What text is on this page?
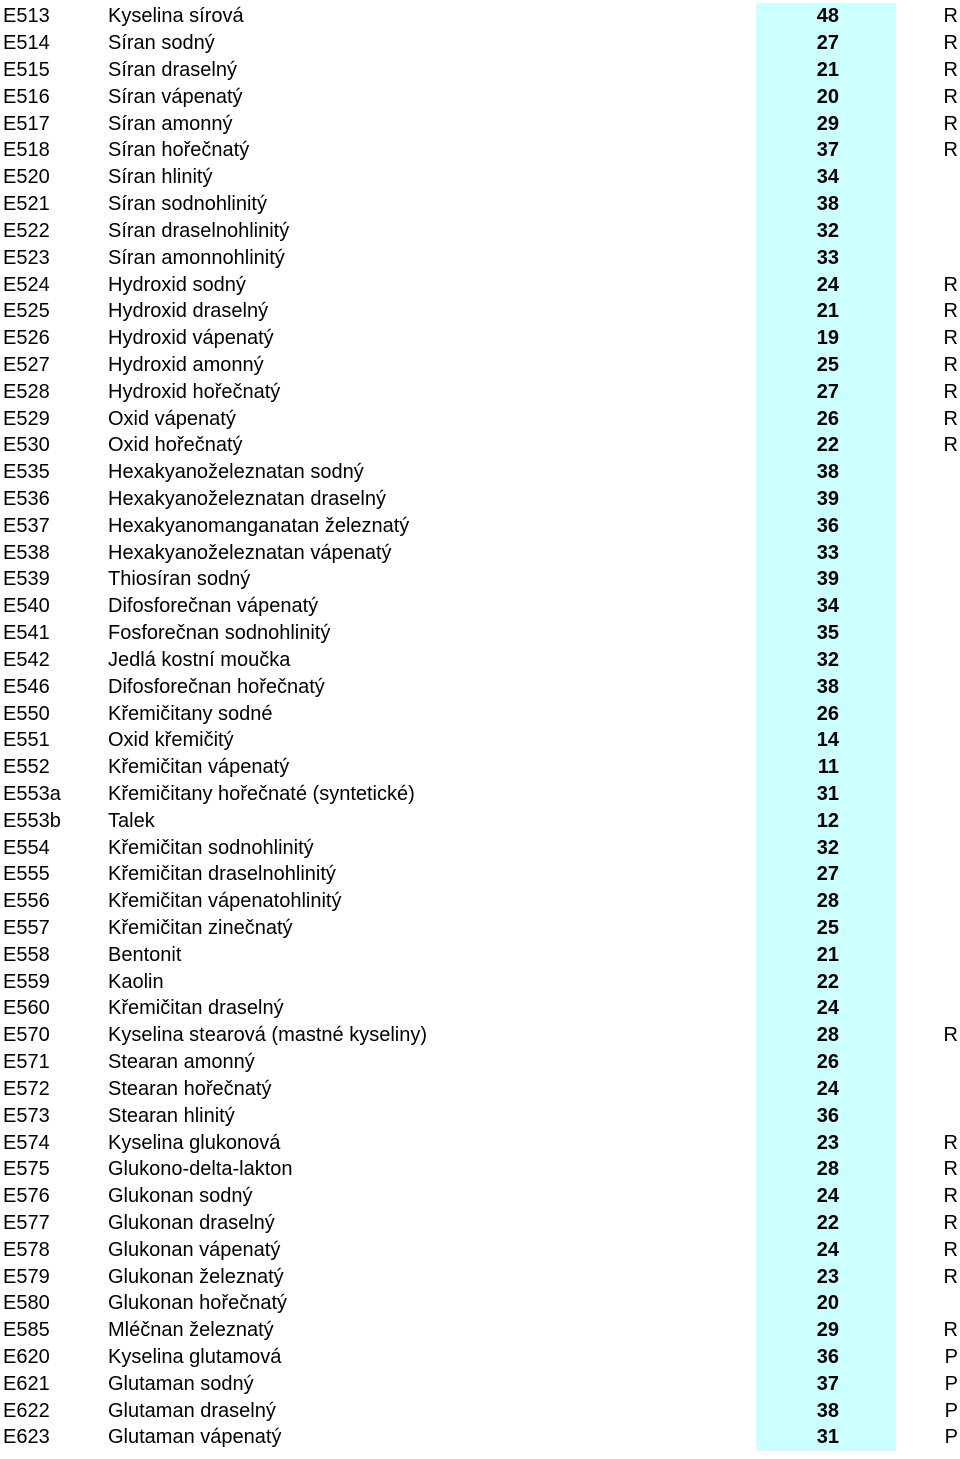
E513	Kyselina sírová	48	R
E514	Síran sodný	27	R
E515	Síran draselný	21	R
E516	Síran vápenatý	20	R
E517	Síran amonný	29	R
E518	Síran hořečnatý	37	R
E520	Síran hlinitý	34	
E521	Síran sodnohlinitý	38	
E522	Síran draselnohlinitý	32	
E523	Síran amonnohlinitý	33	
E524	Hydroxid sodný	24	R
E525	Hydroxid draselný	21	R
E526	Hydroxid vápenatý	19	R
E527	Hydroxid amonný	25	R
E528	Hydroxid hořečnatý	27	R
E529	Oxid vápenatý	26	R
E530	Oxid hořečnatý	22	R
E535	Hexakyanoželeznatan sodný	38	
E536	Hexakyanoželeznatan draselný	39	
E537	Hexakyanomanganatan železnatý	36	
E538	Hexakyanoželeznatan vápenatý	33	
E539	Thiosíran sodný	39	
E540	Difosforečnan vápenatý	34	
E541	Fosforečnan sodnohlinitý	35	
E542	Jedlá kostní moučka	32	
E546	Difosforečnan hořečnatý	38	
E550	Křemičitany sodné	26	
E551	Oxid křemičitý	14	
E552	Křemičitan vápenatý	11	
E553a	Křemičitany hořečnaté (syntetické)	31	
E553b	Talek	12	
E554	Křemičitan sodnohlinitý	32	
E555	Křemičitan draselnohlinitý	27	
E556	Křemičitan vápenatohlinitý	28	
E557	Křemičitan zinečnatý	25	
E558	Bentonit	21	
E559	Kaolin	22	
E560	Křemičitan draselný	24	
E570	Kyselina stearová (mastné kyseliny)	28	R
E571	Stearan amonný	26	
E572	Stearan hořečnatý	24	
E573	Stearan hlinitý	36	
E574	Kyselina glukonová	23	R
E575	Glukono-delta-lakton	28	R
E576	Glukonan sodný	24	R
E577	Glukonan draselný	22	R
E578	Glukonan vápenatý	24	R
E579	Glukonan železnatý	23	R
E580	Glukonan hořečnatý	20	
E585	Mléčnan železnatý	29	R
E620	Kyselina glutamová	36	P
E621	Glutaman sodný	37	P
E622	Glutaman draselný	38	P
E623	Glutaman vápenatý	31	P
